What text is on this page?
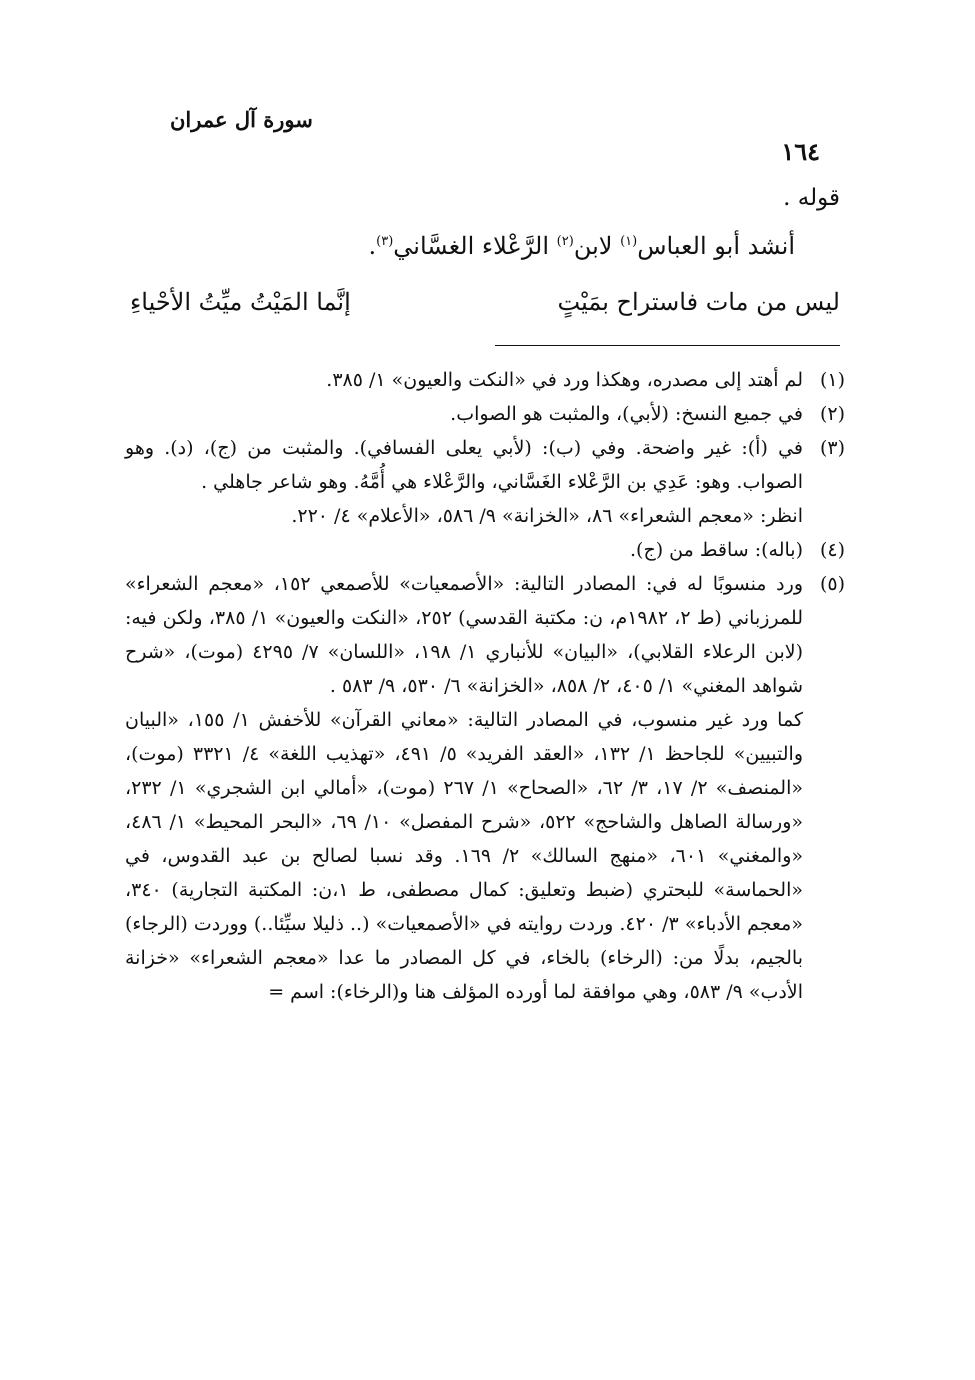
سورة آل عمران
١٦٤
قوله .
أنشد أبو العباس$^{(١)}$ لابن$^{(٢)}$ الرَّعْلاء الغسَّاني$^{(٣)}$.
ليس من مات فاستراح بمَيْتٍ
إنَّما المَيْتُ ميِّتُ الأحْياءِ
(١)
لم أهتد إلى مصدره، وهكذا ورد في «النكت والعيون» ١/ ٣٨٥.
(٢)
في جميع النسخ: (لأبي)، والمثبت هو الصواب.
(٣)
في (أ): غير واضحة. وفي (ب): (لأبي يعلى الفسافي). والمثبت من (ج)، (د). وهو الصواب. وهو: عَدِي بن الرَّعْلاء الغَسَّاني، والرَّعْلاء هي أُمَّهُ. وهو شاعر جاهلي .
انظر: «معجم الشعراء» ٨٦، «الخزانة» ٩/ ٥٨٦، «الأعلام» ٤/ ٢٢٠.
(٤)
(باله): ساقط من (ج).
(٥)
ورد منسوبًا له في: المصادر التالية: «الأصمعيات» للأصمعي ١٥٢، «معجم الشعراء» للمرزباني (ط ٢، ١٩٨٢م، ن: مكتبة القدسي) ٢٥٢، «النكت والعيون» ١/ ٣٨٥، ولكن فيه: (لابن الرعلاء القلابي)، «البيان» للأنباري ١/ ١٩٨، «اللسان» ٧/ ٤٢٩٥ (موت)، «شرح شواهد المغني» ١/ ٤٠٥، ٢/ ٨٥٨، «الخزانة» ٦/ ٥٣٠، ٩/ ٥٨٣ .
كما ورد غير منسوب، في المصادر التالية: «معاني القرآن» للأخفش ١/ ١٥٥، «البيان والتبيين» للجاحظ ١/ ١٣٢، «العقد الفريد» ٥/ ٤٩١، «تهذيب اللغة» ٤/ ٣٣٢١ (موت)، «المنصف» ٢/ ١٧، ٣/ ٦٢، «الصحاح» ١/ ٢٦٧ (موت)، «أمالي ابن الشجري» ١/ ٢٣٢، «ورسالة الصاهل والشاحج» ٥٢٢، «شرح المفصل» ١٠/ ٦٩، «البحر المحيط» ١/ ٤٨٦، «والمغني» ٦٠١، «منهج السالك» ٢/ ١٦٩. وقد نسبا لصالح بن عبد القدوس، في «الحماسة» للبحتري (ضبط وتعليق: كمال مصطفى، ط ١،ن: المكتبة التجارية) ٣٤٠، «معجم الأدباء» ٣/ ٤٢٠. وردت روايته في «الأصمعيات» (.. ذليلا سيِّئا..) ووردت (الرجاء) بالجيم، بدلًا من: (الرخاء) بالخاء، في كل المصادر ما عدا «معجم الشعراء» «خزانة الأدب» ٩/ ٥٨٣، وهي موافقة لما أورده المؤلف هنا و(الرخاء): اسم =
